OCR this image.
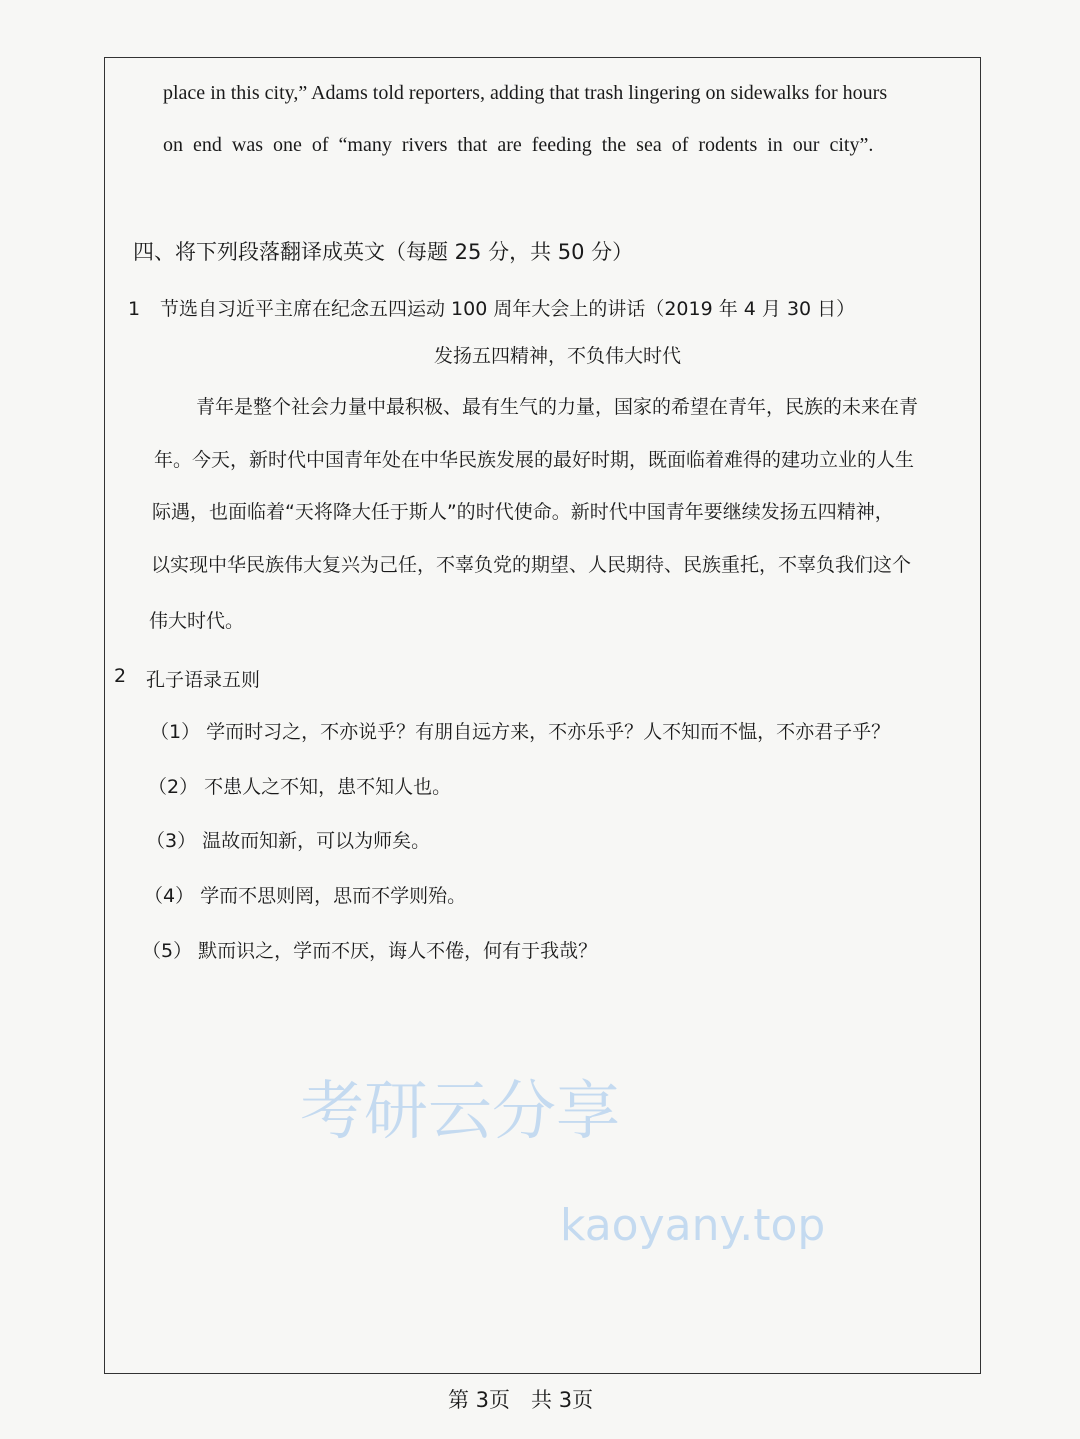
place in this city,” Adams told reporters, adding that trash lingering on sidewalks for hours
on end was one of “many rivers that are feeding the sea of rodents in our city”.
四、将下列段落翻译成英文（每题 25 分，共 50 分）
1 节选自习近平主席在纪念五四运动 100 周年大会上的讲话（2019 年 4 月 30 日）
发扬五四精神，不负伟大时代
青年是整个社会力量中最积极、最有生气的力量，国家的希望在青年，民族的未来在青
年。今天，新时代中国青年处在中华民族发展的最好时期，既面临着难得的建功立业的人生
际遇，也面临着“天将降大任于斯人”的时代使命。新时代中国青年要继续发扬五四精神，
以实现中华民族伟大复兴为己任，不辜负党的期望、人民期待、民族重托，不辜负我们这个
伟大时代。
2 孔子语录五则
（1） 学而时习之，不亦说乎？有朋自远方来，不亦乐乎？人不知而不愠，不亦君子乎？
（2） 不患人之不知，患不知人也。
（3） 温故而知新，可以为师矣。
（4） 学而不思则罔，思而不学则殆。
（5） 默而识之，学而不厌，诲人不倦，何有于我哉？
第 3页　共 3页
考研云分享
kaoyany.top
